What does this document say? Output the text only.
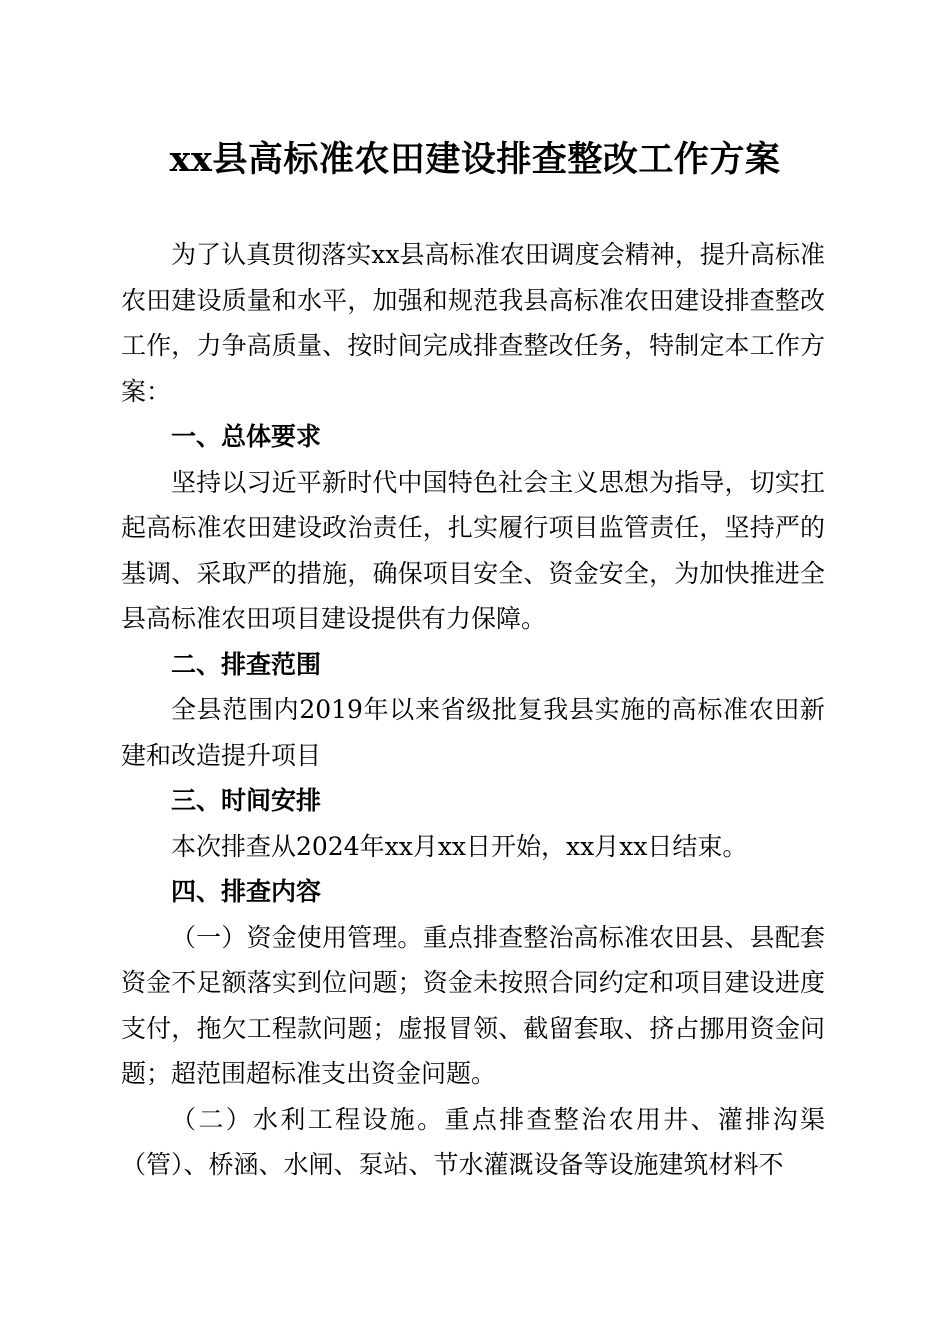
xx县高标准农田建设排查整改工作方案

为了认真贯彻落实xx县高标准农田调度会精神，提升高标准农田建设质量和水平，加强和规范我县高标准农田建设排查整改工作，力争高质量、按时间完成排查整改任务，特制定本工作方案：

一、总体要求

坚持以习近平新时代中国特色社会主义思想为指导，切实扛起高标准农田建设政治责任，扎实履行项目监管责任，坚持严的基调、采取严的措施，确保项目安全、资金安全，为加快推进全县高标准农田项目建设提供有力保障。

二、排查范围

全县范围内2019年以来省级批复我县实施的高标准农田新建和改造提升项目

三、时间安排

本次排查从2024年xx月xx日开始，xx月xx日结束。

四、排查内容

（一）资金使用管理。重点排查整治高标准农田县、县配套资金不足额落实到位问题；资金未按照合同约定和项目建设进度支付，拖欠工程款问题；虚报冒领、截留套取、挤占挪用资金问题；超范围超标准支出资金问题。

（二）水利工程设施。重点排查整治农用井、灌排沟渠（管）、桥涵、水闸、泵站、节水灌溉设备等设施建筑材料不
